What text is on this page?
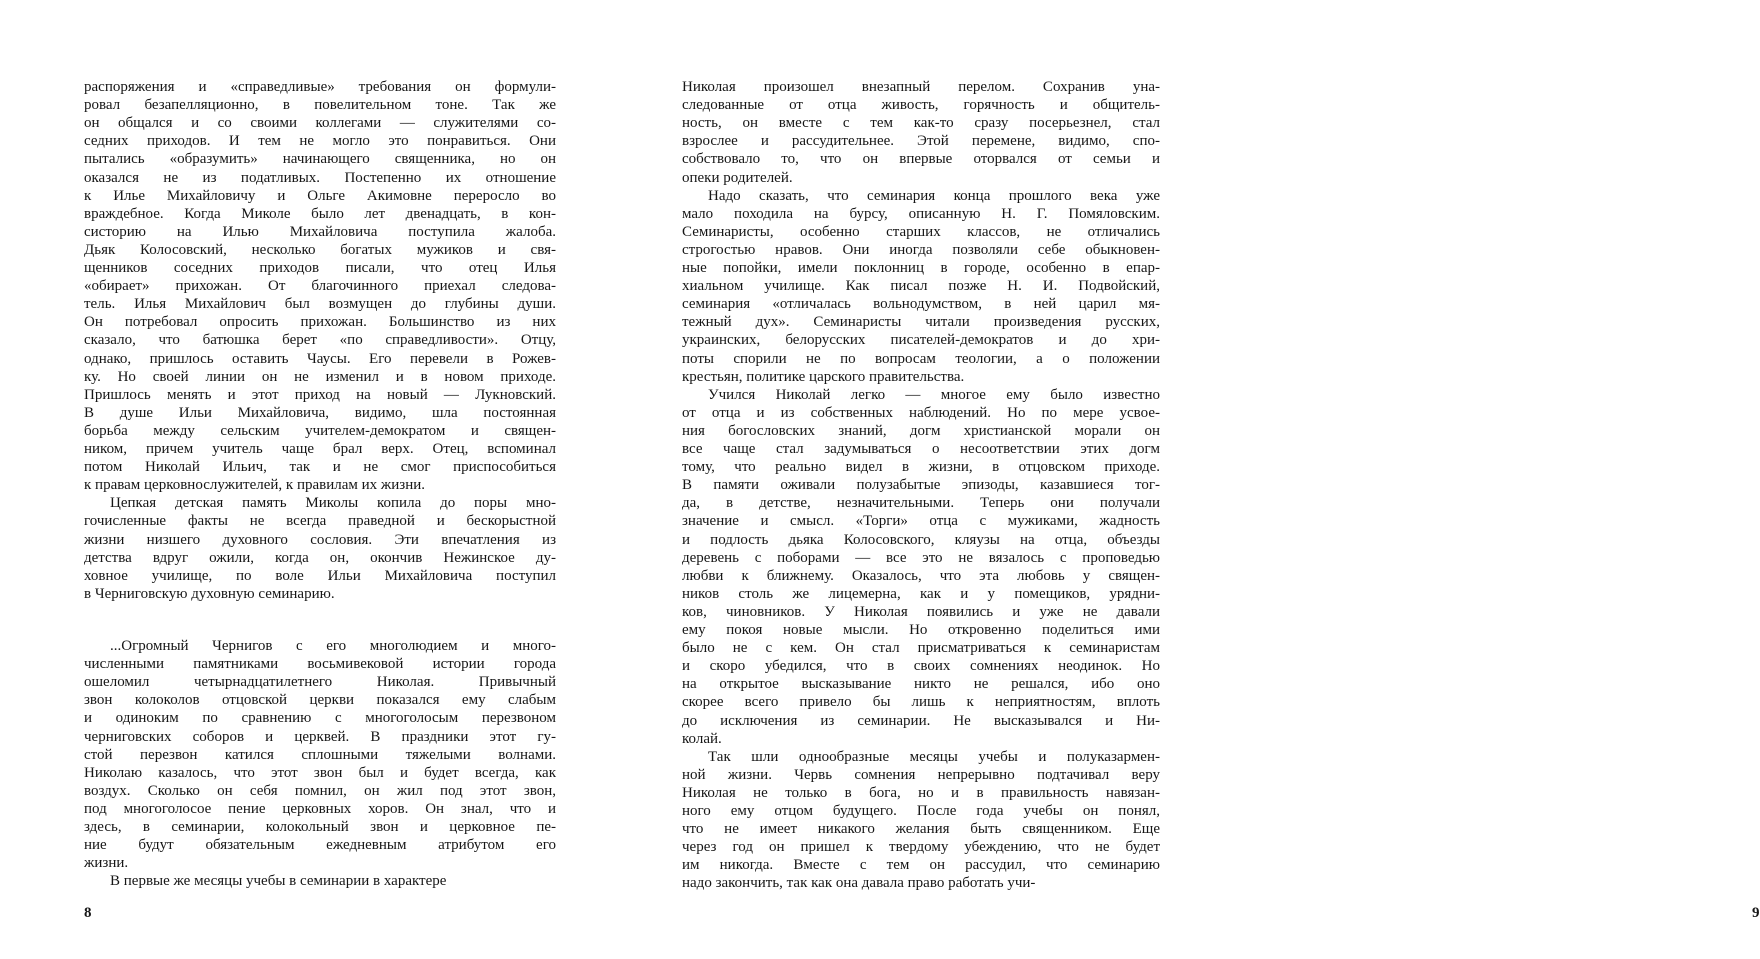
распоряжения и «справедливые» требования он формули-
ровал безапелляционно, в повелительном тоне. Так же
он общался и со своими коллегами — служителями со-
седних приходов. И тем не могло это понравиться. Они
пытались «образумить» начинающего священника, но он
оказался не из податливых. Постепенно их отношение
к Илье Михайловичу и Ольге Акимовне переросло во
враждебное. Когда Миколе было лет двенадцать, в кон-
систорию на Илью Михайловича поступила жалоба.
Дьяк Колосовский, несколько богатых мужиков и свя-
щенников соседних приходов писали, что отец Илья
«обирает» прихожан. От благочинного приехал следова-
тель. Илья Михайлович был возмущен до глубины души.
Он потребовал опросить прихожан. Большинство из них
сказало, что батюшка берет «по справедливости». Отцу,
однако, пришлось оставить Чаусы. Его перевели в Рожев-
ку. Но своей линии он не изменил и в новом приходе.
Пришлось менять и этот приход на новый — Лукновский.
В душе Ильи Михайловича, видимо, шла постоянная
борьба между сельским учителем-демократом и священ-
ником, причем учитель чаще брал верх. Отец, вспоминал
потом Николай Ильич, так и не смог приспособиться
к правам церковнослужителей, к правилам их жизни.
Цепкая детская память Миколы копила до поры мно-
гочисленные факты не всегда праведной и бескорыстной
жизни низшего духовного сословия. Эти впечатления из
детства вдруг ожили, когда он, окончив Нежинское ду-
ховное училище, по воле Ильи Михайловича поступил
в Черниговскую духовную семинарию.
...Огромный Чернигов с его многолюдием и много-
численными памятниками восьмивековой истории города
ошеломил четырнадцатилетнего Николая. Привычный
звон колоколов отцовской церкви показался ему слабым
и одиноким по сравнению с многоголосым перезвоном
черниговских соборов и церквей. В праздники этот гу-
стой перезвон катился сплошными тяжелыми волнами.
Николаю казалось, что этот звон был и будет всегда, как
воздух. Сколько он себя помнил, он жил под этот звон,
под многоголосое пение церковных хоров. Он знал, что и
здесь, в семинарии, колокольный звон и церковное пе-
ние будут обязательным ежедневным атрибутом его
жизни.
В первые же месяцы учебы в семинарии в характере
8
Николая произошел внезапный перелом. Сохранив уна-
следованные от отца живость, горячность и общитель-
ность, он вместе с тем как-то сразу посерьезнел, стал
взрослее и рассудительнее. Этой перемене, видимо, спо-
собствовало то, что он впервые оторвался от семьи и
опеки родителей.
Надо сказать, что семинария конца прошлого века уже
мало походила на бурсу, описанную Н. Г. Помяловским.
Семинаристы, особенно старших классов, не отличались
строгостью нравов. Они иногда позволяли себе обыкновен-
ные попойки, имели поклонниц в городе, особенно в епар-
хиальном училище. Как писал позже Н. И. Подвойский,
семинария «отличалась вольнодумством, в ней царил мя-
тежный дух». Семинаристы читали произведения русских,
украинских, белорусских писателей-демократов и до хри-
поты спорили не по вопросам теологии, а о положении
крестьян, политике царского правительства.
Учился Николай легко — многое ему было известно
от отца и из собственных наблюдений. Но по мере усвое-
ния богословских знаний, догм христианской морали он
все чаще стал задумываться о несоответствии этих догм
тому, что реально видел в жизни, в отцовском приходе.
В памяти оживали полузабытые эпизоды, казавшиеся тог-
да, в детстве, незначительными. Теперь они получали
значение и смысл. «Торги» отца с мужиками, жадность
и подлость дьяка Колосовского, кляузы на отца, объезды
деревень с поборами — все это не вязалось с проповедью
любви к ближнему. Оказалось, что эта любовь у священ-
ников столь же лицемерна, как и у помещиков, урядни-
ков, чиновников. У Николая появились и уже не давали
ему покоя новые мысли. Но откровенно поделиться ими
было не с кем. Он стал присматриваться к семинаристам
и скоро убедился, что в своих сомнениях неодинок. Но
на открытое высказывание никто не решался, ибо оно
скорее всего привело бы лишь к неприятностям, вплоть
до исключения из семинарии. Не высказывался и Ни-
колай.
Так шли однообразные месяцы учебы и полуказармен-
ной жизни. Червь сомнения непрерывно подтачивал веру
Николая не только в бога, но и в правильность навязан-
ного ему отцом будущего. После года учебы он понял,
что не имеет никакого желания быть священником. Еще
через год он пришел к твердому убеждению, что не будет
им никогда. Вместе с тем он рассудил, что семинарию
надо закончить, так как она давала право работать учи-
9
